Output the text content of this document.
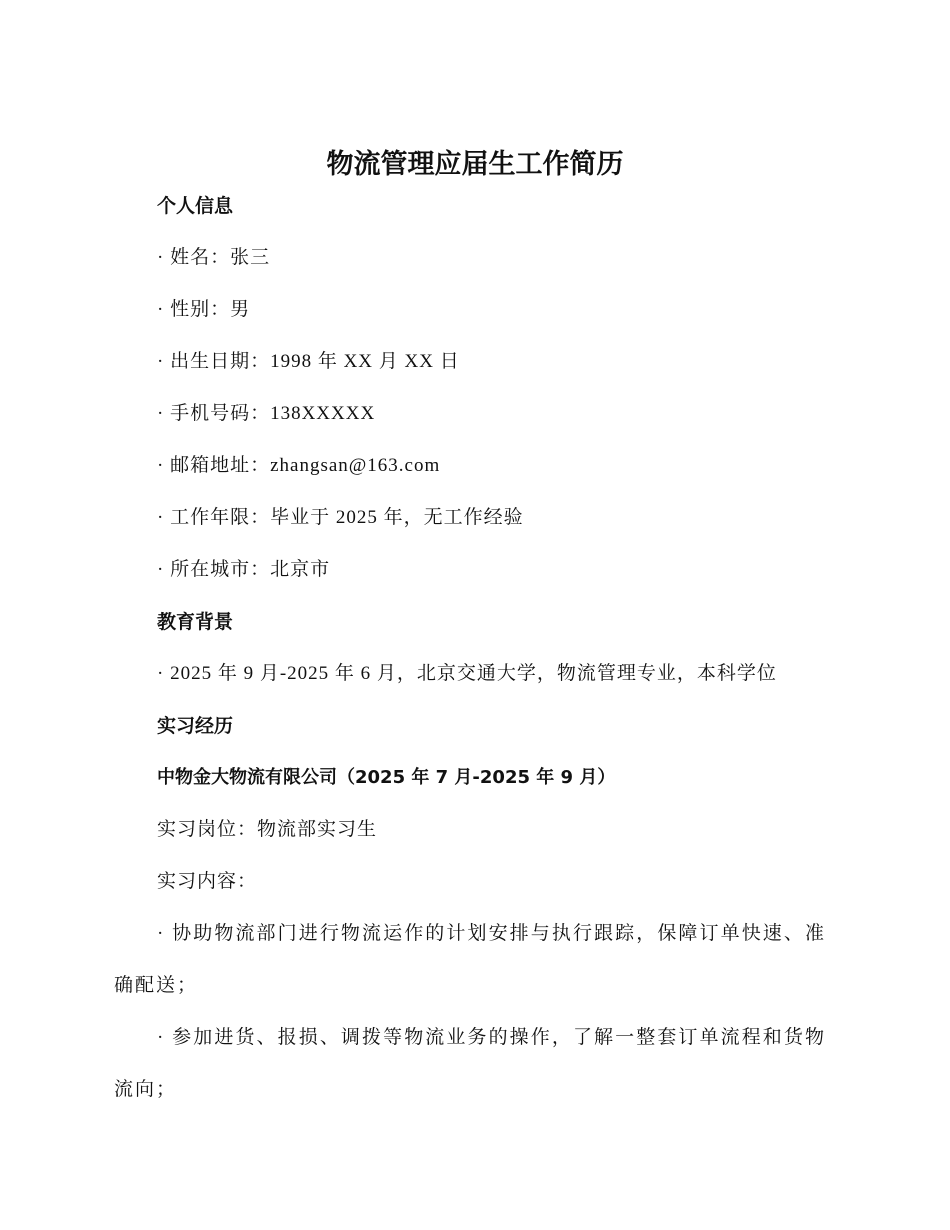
物流管理应届生工作简历
个人信息

· 姓名：张三

· 性别：男

· 出生日期：1998 年 XX 月 XX 日

· 手机号码：138XXXXX

· 邮箱地址：zhangsan@163.com

· 工作年限：毕业于 2025 年，无工作经验

· 所在城市：北京市

教育背景

· 2025 年 9 月-2025 年 6 月，北京交通大学，物流管理专业，本科学位

实习经历

中物金大物流有限公司（2025 年 7 月-2025 年 9 月）

实习岗位：物流部实习生

实习内容：

· 协助物流部门进行物流运作的计划安排与执行跟踪，保障订单快速、准确配送；

· 参加进货、报损、调拨等物流业务的操作，了解一整套订单流程和货物流向；
